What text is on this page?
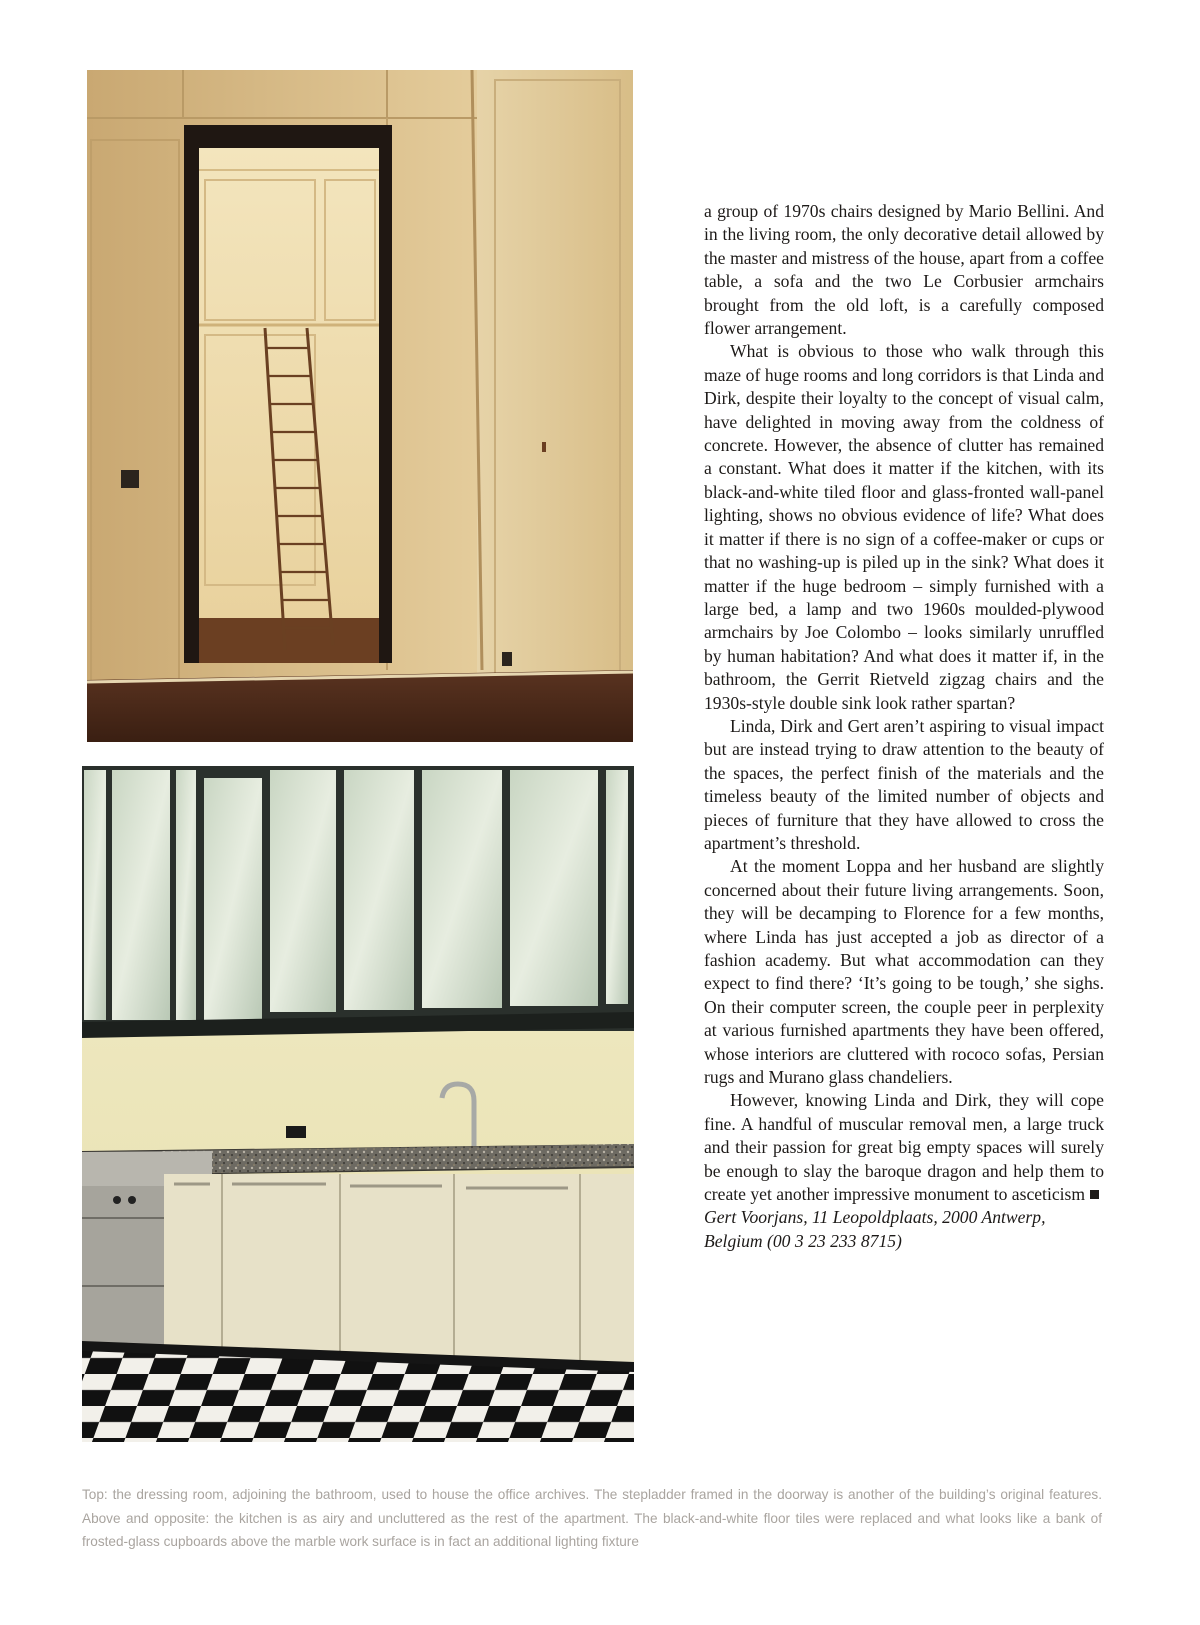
a group of 1970s chairs designed by Mario Bellini. And in the living room, the only decorative detail allowed by the master and mistress of the house, apart from a coffee table, a sofa and the two Le Corbusier armchairs brought from the old loft, is a carefully composed flower arrangement.

What is obvious to those who walk through this maze of huge rooms and long corridors is that Linda and Dirk, despite their loyalty to the concept of visual calm, have delighted in moving away from the coldness of concrete. However, the absence of clutter has remained a constant. What does it matter if the kitchen, with its black-and-white tiled floor and glass-fronted wall-panel lighting, shows no obvious evidence of life? What does it matter if there is no sign of a coffee-maker or cups or that no washing-up is piled up in the sink? What does it matter if the huge bedroom – simply furnished with a large bed, a lamp and two 1960s moulded-plywood armchairs by Joe Colombo – looks similarly unruffled by human habitation? And what does it matter if, in the bathroom, the Gerrit Rietveld zigzag chairs and the 1930s-style double sink look rather spartan?

Linda, Dirk and Gert aren’t aspiring to visual impact but are instead trying to draw attention to the beauty of the spaces, the perfect finish of the materials and the timeless beauty of the limited number of objects and pieces of furniture that they have allowed to cross the apartment’s threshold.

At the moment Loppa and her husband are slightly concerned about their future living arrangements. Soon, they will be decamping to Florence for a few months, where Linda has just accepted a job as director of a fashion academy. But what accommodation can they expect to find there? ‘It’s going to be tough,’ she sighs. On their computer screen, the couple peer in perplexity at various furnished apartments they have been offered, whose interiors are cluttered with rococo sofas, Persian rugs and Murano glass chandeliers.

However, knowing Linda and Dirk, they will cope fine. A handful of muscular removal men, a large truck and their passion for great big empty spaces will surely be enough to slay the baroque dragon and help them to create yet another impressive monument to asceticism

Gert Voorjans, 11 Leopoldplaats, 2000 Antwerp, Belgium (00 3 23 233 8715)

Top: the dressing room, adjoining the bathroom, used to house the office archives. The stepladder framed in the doorway is another of the building’s original features. Above and opposite: the kitchen is as airy and uncluttered as the rest of the apartment. The black-and-white floor tiles were replaced and what looks like a bank of frosted-glass cupboards above the marble work surface is in fact an additional lighting fixture
